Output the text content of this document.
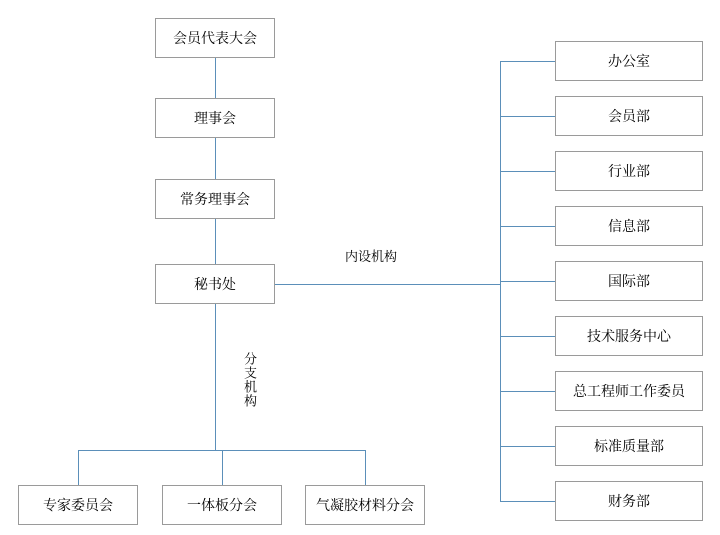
会员代表大会
理事会
常务理事会
秘书处
办公室
会员部
行业部
信息部
国际部
技术服务中心
总工程师工作委员
标准质量部
财务部
专家委员会	一体板分会	气凝胶材料分会
内设机构
分支机构
